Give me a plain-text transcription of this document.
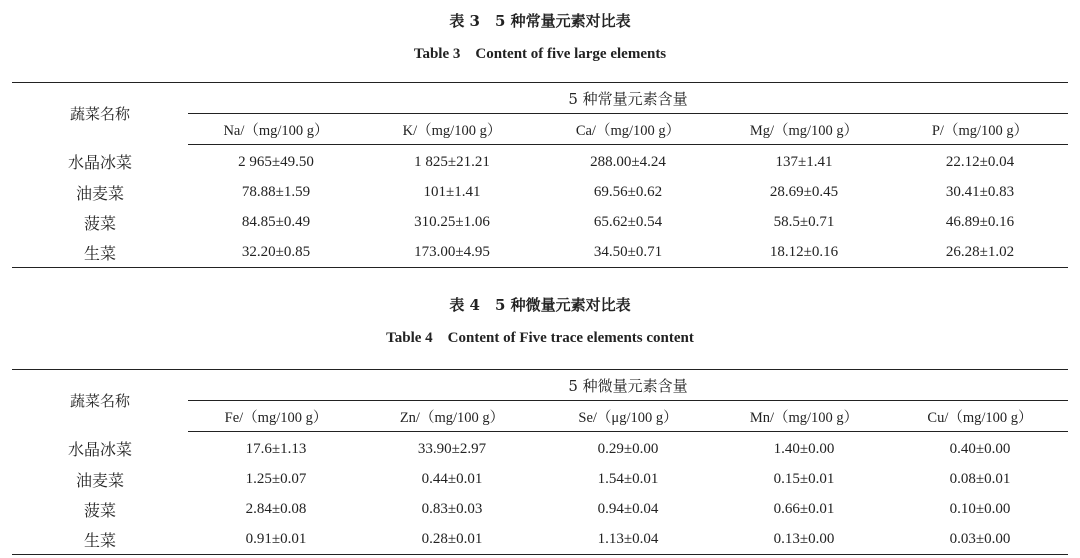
表 3　5 种常量元素对比表
Table 3　Content of five large elements
蔬菜名称	5 种常量元素含量				
	Na/（mg/100 g）	K/（mg/100 g）	Ca/（mg/100 g）	Mg/（mg/100 g）	P/（mg/100 g）
水晶冰菜	2 965±49.50	1 825±21.21	288.00±4.24	137±1.41	22.12±0.04
油麦菜	78.88±1.59	101±1.41	69.56±0.62	28.69±0.45	30.41±0.83
菠菜	84.85±0.49	310.25±1.06	65.62±0.54	58.5±0.71	46.89±0.16
生菜	32.20±0.85	173.00±4.95	34.50±0.71	18.12±0.16	26.28±1.02
表 4　5 种微量元素对比表
Table 4　Content of Five trace elements content
蔬菜名称	5 种微量元素含量				
	Fe/（mg/100 g）	Zn/（mg/100 g）	Se/（μg/100 g）	Mn/（mg/100 g）	Cu/（mg/100 g）
水晶冰菜	17.6±1.13	33.90±2.97	0.29±0.00	1.40±0.00	0.40±0.00
油麦菜	1.25±0.07	0.44±0.01	1.54±0.01	0.15±0.01	0.08±0.01
菠菜	2.84±0.08	0.83±0.03	0.94±0.04	0.66±0.01	0.10±0.00
生菜	0.91±0.01	0.28±0.01	1.13±0.04	0.13±0.00	0.03±0.00
